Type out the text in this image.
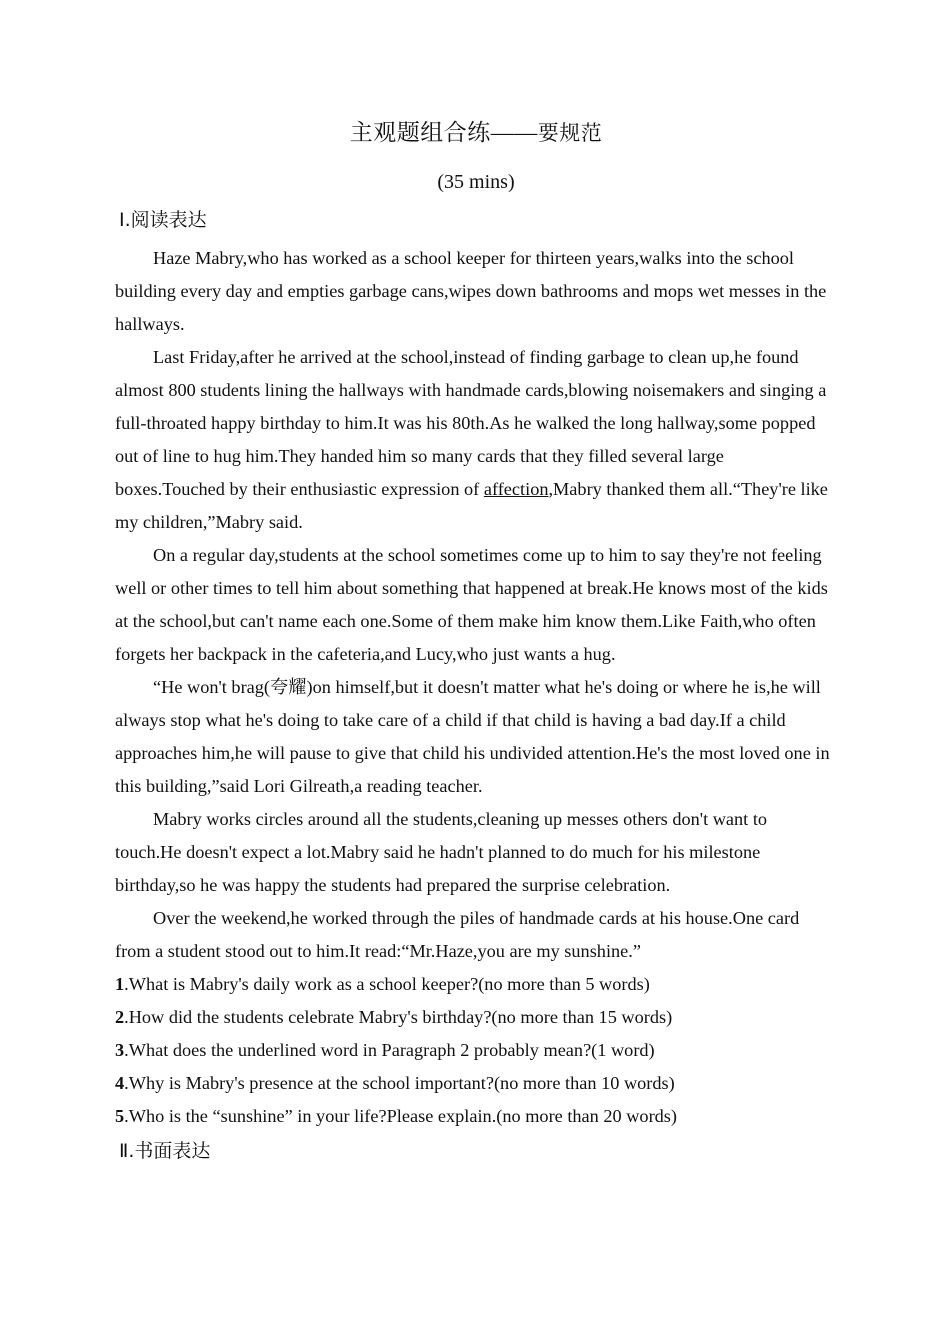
主观题组合练——要规范
(35 mins)
Ⅰ.阅读表达

Haze Mabry,who has worked as a school keeper for thirteen years,walks into the school building every day and empties garbage cans,wipes down bathrooms and mops wet messes in the hallways.

Last Friday,after he arrived at the school,instead of finding garbage to clean up,he found almost 800 students lining the hallways with handmade cards,blowing noisemakers and singing a full-throated happy birthday to him.It was his 80th.As he walked the long hallway,some popped out of line to hug him.They handed him so many cards that they filled several large boxes.Touched by their enthusiastic expression of affection,Mabry thanked them all.“They're like my children,”Mabry said.

On a regular day,students at the school sometimes come up to him to say they're not feeling well or other times to tell him about something that happened at break.He knows most of the kids at the school,but can't name each one.Some of them make him know them.Like Faith,who often forgets her backpack in the cafeteria,and Lucy,who just wants a hug.

“He won't brag(夸耀)on himself,but it doesn't matter what he's doing or where he is,he will always stop what he's doing to take care of a child if that child is having a bad day.If a child approaches him,he will pause to give that child his undivided attention.He's the most loved one in this building,”said Lori Gilreath,a reading teacher.

Mabry works circles around all the students,cleaning up messes others don't want to touch.He doesn't expect a lot.Mabry said he hadn't planned to do much for his milestone birthday,so he was happy the students had prepared the surprise celebration.

Over the weekend,he worked through the piles of handmade cards at his house.One card from a student stood out to him.It read:“Mr.Haze,you are my sunshine.”

1.What is Mabry's daily work as a school keeper?(no more than 5 words)

2.How did the students celebrate Mabry's birthday?(no more than 15 words)

3.What does the underlined word in Paragraph 2 probably mean?(1 word)

4.Why is Mabry's presence at the school important?(no more than 10 words)

5.Who is the “sunshine” in your life?Please explain.(no more than 20 words)

Ⅱ.书面表达
